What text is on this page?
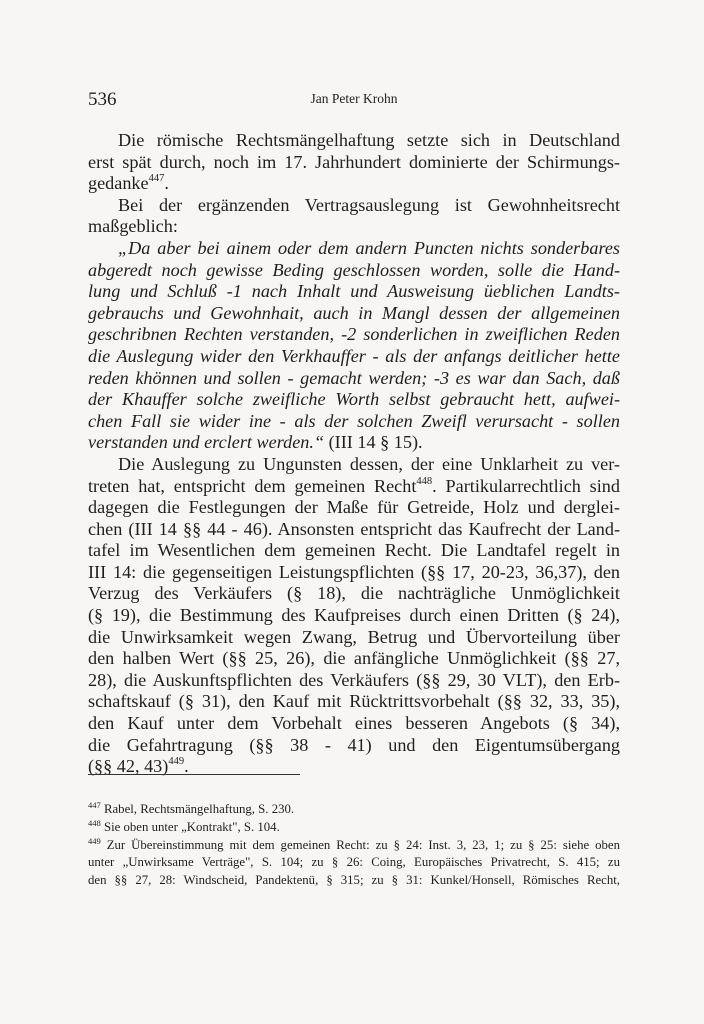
536	Jan Peter Krohn
Die römische Rechtsmängelhaftung setzte sich in Deutschland
erst spät durch, noch im 17. Jahrhundert dominierte der Schirmungs-
gedanke$^{447}$.
Bei der ergänzenden Vertragsauslegung ist Gewohnheitsrecht
maßgeblich:
„Da aber bei ainem oder dem andern Puncten nichts sonderbares
abgeredt noch gewisse Beding geschlossen worden, solle die Hand-
lung und Schluß -1 nach Inhalt und Ausweisung üeblichen Landts-
gebrauchs und Gewohnhait, auch in Mangl dessen der allgemeinen
geschribnen Rechten verstanden, -2 sonderlichen in zweiflichen Reden
die Auslegung wider den Verkhauffer - als der anfangs deitlicher hette
reden khönnen und sollen - gemacht werden; -3 es war dan Sach, daß
der Khauffer solche zweifliche Worth selbst gebraucht hett, aufwei-
chen Fall sie wider ine - als der solchen Zweifl verursacht - sollen
verstanden und erclert werden.“ (III 14 § 15).
Die Auslegung zu Ungunsten dessen, der eine Unklarheit zu ver-
treten hat, entspricht dem gemeinen Recht$^{448}$. Partikularrechtlich sind
dagegen die Festlegungen der Maße für Getreide, Holz und derglei-
chen (III 14 §§ 44 - 46). Ansonsten entspricht das Kaufrecht der Land-
tafel im Wesentlichen dem gemeinen Recht. Die Landtafel regelt in
III 14: die gegenseitigen Leistungspflichten (§§ 17, 20-23, 36,37), den
Verzug des Verkäufers (§ 18), die nachträgliche Unmöglichkeit
(§ 19), die Bestimmung des Kaufpreises durch einen Dritten (§ 24),
die Unwirksamkeit wegen Zwang, Betrug und Übervorteilung über
den halben Wert (§§ 25, 26), die anfängliche Unmöglichkeit (§§ 27,
28), die Auskunftspflichten des Verkäufers (§§ 29, 30 VLT), den Erb-
schaftskauf (§ 31), den Kauf mit Rücktrittsvorbehalt (§§ 32, 33, 35),
den Kauf unter dem Vorbehalt eines besseren Angebots (§ 34),
die Gefahrtragung (§§ 38 - 41) und den Eigentumsübergang
(§§ 42, 43)$^{449}$.
$^{447}$ Rabel, Rechtsmängelhaftung, S. 230.
$^{448}$ Sie oben unter „Kontrakt", S. 104.
$^{449}$ Zur Übereinstimmung mit dem gemeinen Recht: zu § 24: Inst. 3, 23, 1; zu § 25: siehe oben
unter „Unwirksame Verträge", S. 104; zu § 26: Coing, Europäisches Privatrecht, S. 415; zu
den §§ 27, 28: Windscheid, Pandektenü, § 315; zu § 31: Kunkel/Honsell, Römisches Recht,
